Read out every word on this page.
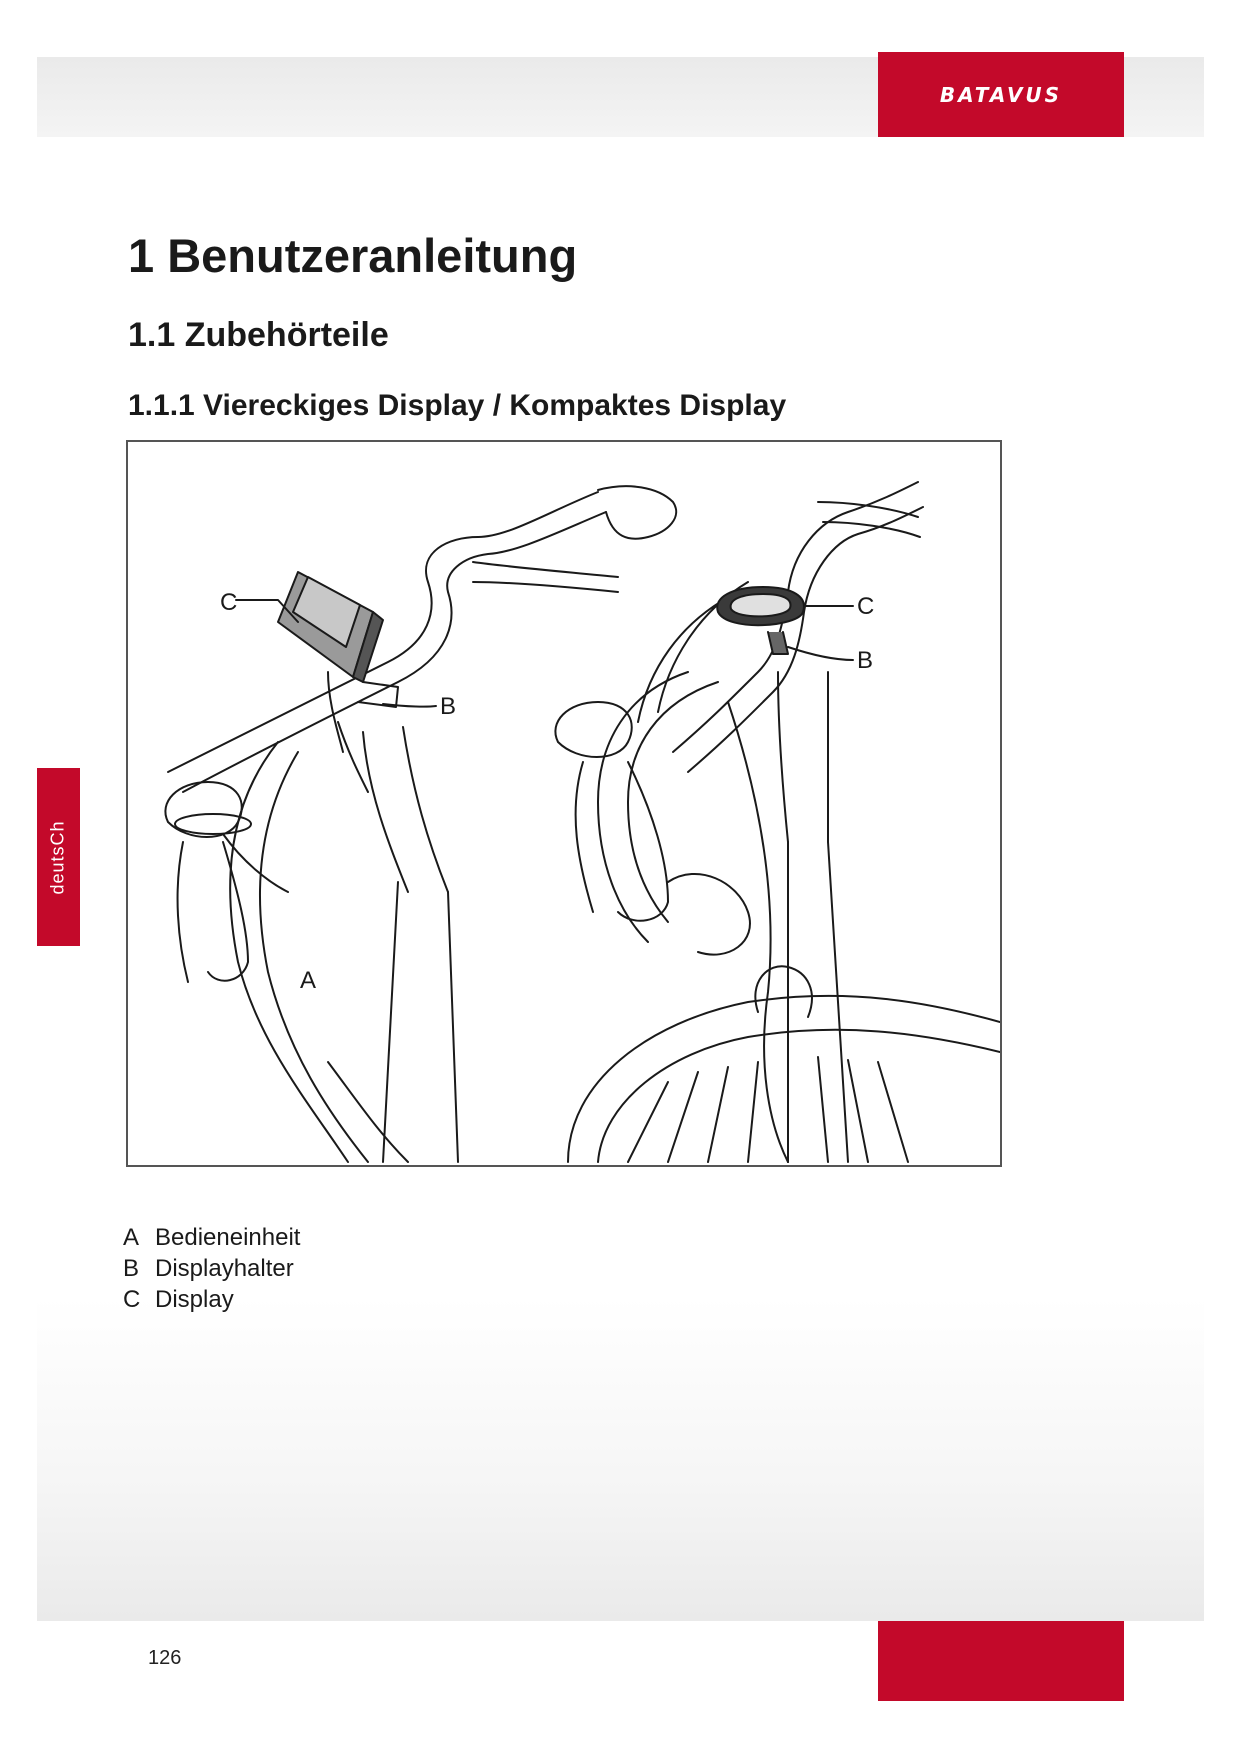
BATAVUS
deutsCh
1 Benutzeranleitung
1.1 Zubehörteile
1.1.1 Viereckiges Display / Kompaktes Display
C
B
A
C
B
A Bedieneinheit
B Displayhalter
C Display
126
